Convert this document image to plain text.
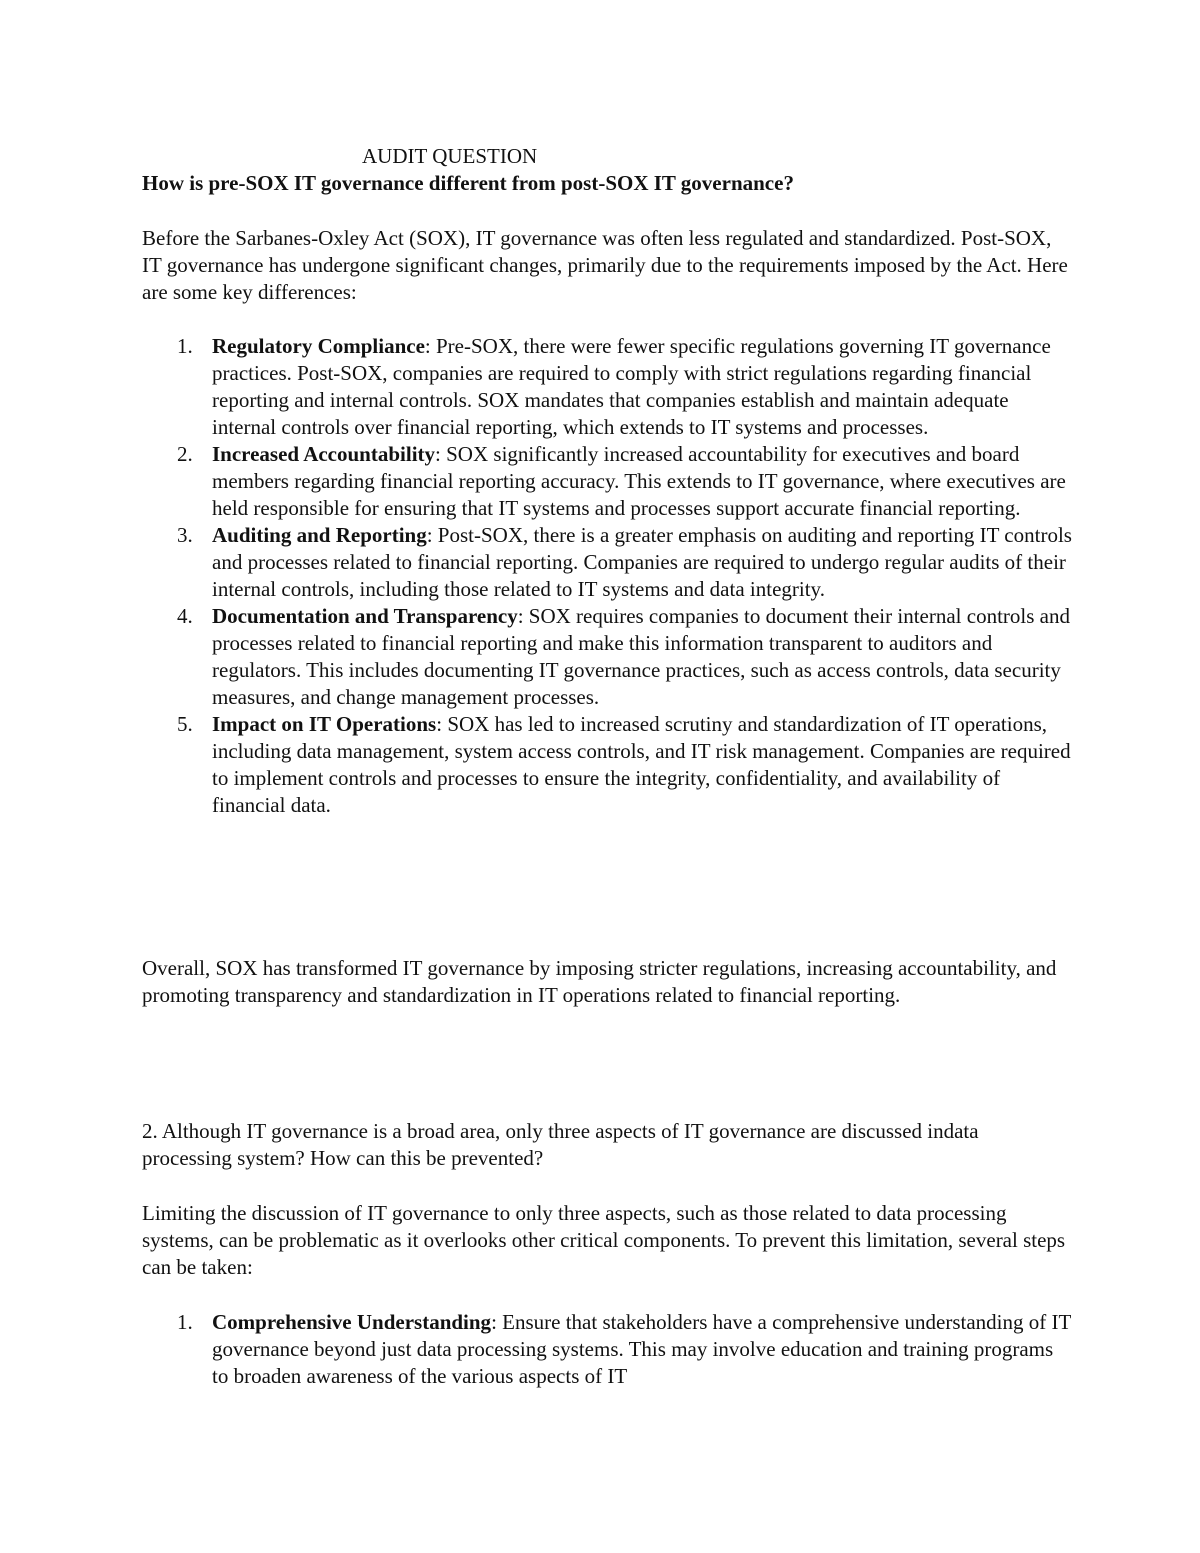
AUDIT QUESTION

How is pre-SOX IT governance different from post-SOX IT governance?

Before the Sarbanes-Oxley Act (SOX), IT governance was often less regulated and standardized. Post-SOX, IT governance has undergone significant changes, primarily due to the requirements imposed by the Act. Here are some key differences:

1. Regulatory Compliance: Pre-SOX, there were fewer specific regulations governing IT governance practices. Post-SOX, companies are required to comply with strict regulations regarding financial reporting and internal controls. SOX mandates that companies establish and maintain adequate internal controls over financial reporting, which extends to IT systems and processes.
2. Increased Accountability: SOX significantly increased accountability for executives and board members regarding financial reporting accuracy. This extends to IT governance, where executives are held responsible for ensuring that IT systems and processes support accurate financial reporting.
3. Auditing and Reporting: Post-SOX, there is a greater emphasis on auditing and reporting IT controls and processes related to financial reporting. Companies are required to undergo regular audits of their internal controls, including those related to IT systems and data integrity.
4. Documentation and Transparency: SOX requires companies to document their internal controls and processes related to financial reporting and make this information transparent to auditors and regulators. This includes documenting IT governance practices, such as access controls, data security measures, and change management processes.
5. Impact on IT Operations: SOX has led to increased scrutiny and standardization of IT operations, including data management, system access controls, and IT risk management. Companies are required to implement controls and processes to ensure the integrity, confidentiality, and availability of financial data.

Overall, SOX has transformed IT governance by imposing stricter regulations, increasing accountability, and promoting transparency and standardization in IT operations related to financial reporting.

2. Although IT governance is a broad area, only three aspects of IT governance are discussed indata processing system? How can this be prevented?

Limiting the discussion of IT governance to only three aspects, such as those related to data processing systems, can be problematic as it overlooks other critical components. To prevent this limitation, several steps can be taken:

1. Comprehensive Understanding: Ensure that stakeholders have a comprehensive understanding of IT governance beyond just data processing systems. This may involve education and training programs to broaden awareness of the various aspects of IT
